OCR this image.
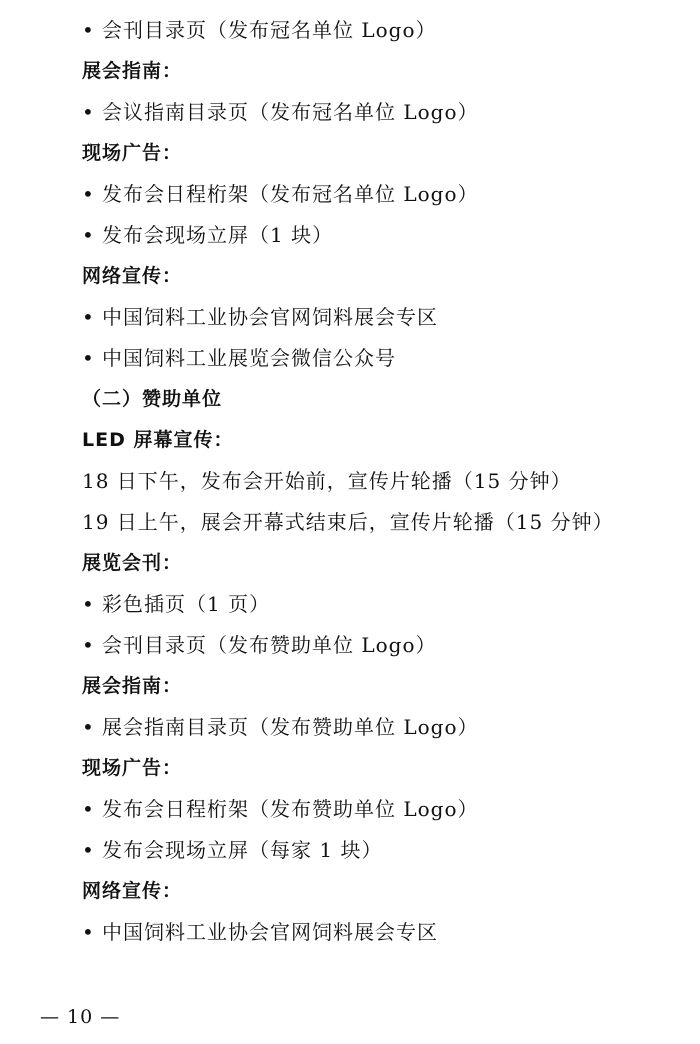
• 会刊目录页（发布冠名单位 Logo）
展会指南：
• 会议指南目录页（发布冠名单位 Logo）
现场广告：
• 发布会日程桁架（发布冠名单位 Logo）
• 发布会现场立屏（1 块）
网络宣传：
• 中国饲料工业协会官网饲料展会专区
• 中国饲料工业展览会微信公众号
（二）赞助单位
LED 屏幕宣传：
18 日下午，发布会开始前，宣传片轮播（15 分钟）
19 日上午，展会开幕式结束后，宣传片轮播（15 分钟）
展览会刊：
• 彩色插页（1 页）
• 会刊目录页（发布赞助单位 Logo）
展会指南：
• 展会指南目录页（发布赞助单位 Logo）
现场广告：
• 发布会日程桁架（发布赞助单位 Logo）
• 发布会现场立屏（每家 1 块）
网络宣传：
• 中国饲料工业协会官网饲料展会专区
— 10 —
